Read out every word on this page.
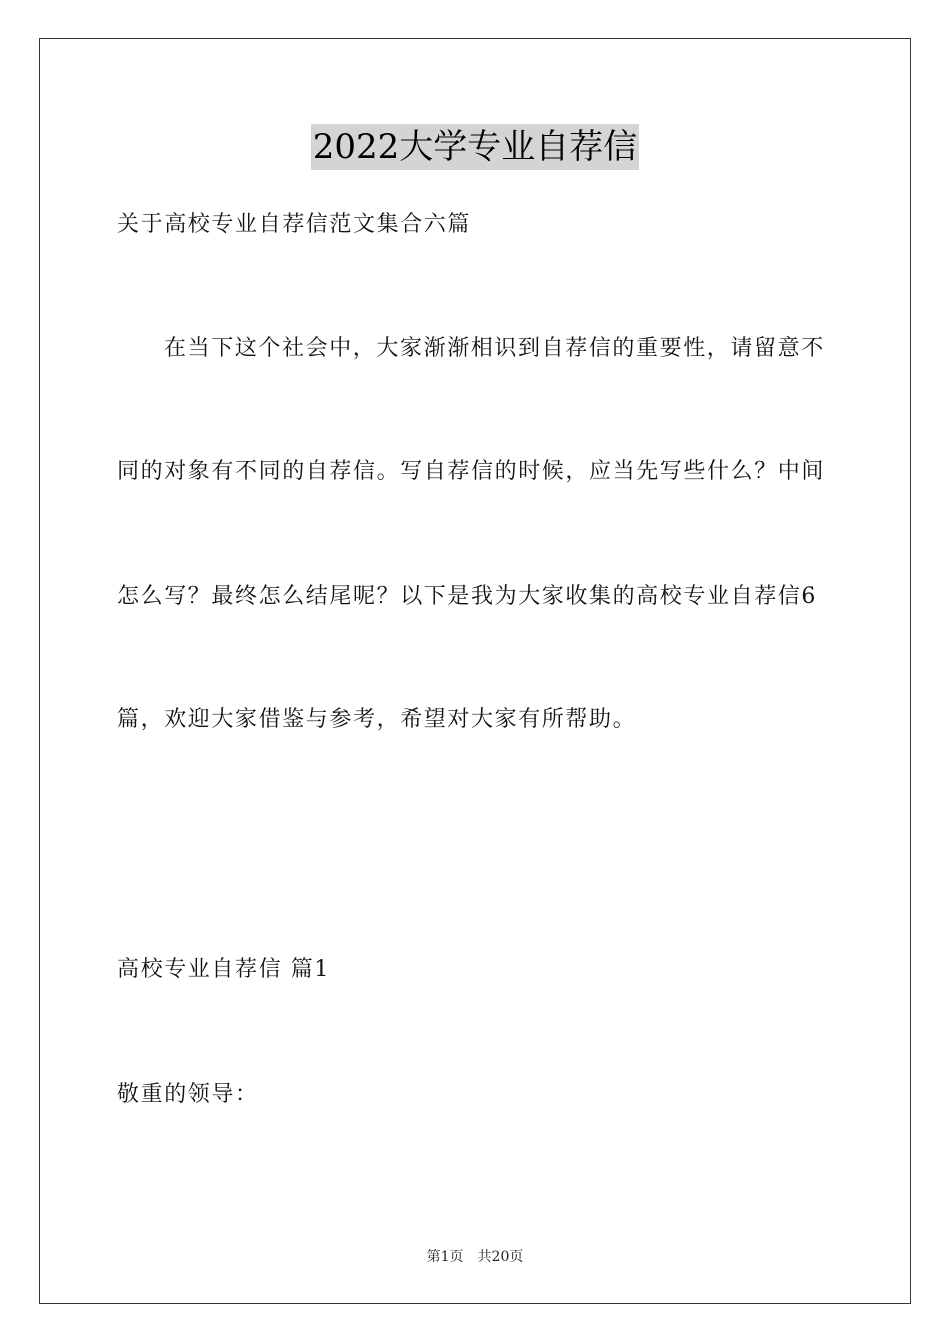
2022大学专业自荐信
关于高校专业自荐信范文集合六篇
在当下这个社会中，大家渐渐相识到自荐信的重要性，请留意不
同的对象有不同的自荐信。写自荐信的时候，应当先写些什么？中间
怎么写？最终怎么结尾呢？以下是我为大家收集的高校专业自荐信6
篇，欢迎大家借鉴与参考，希望对大家有所帮助。
高校专业自荐信 篇1
敬重的领导：
第1页　共20页
